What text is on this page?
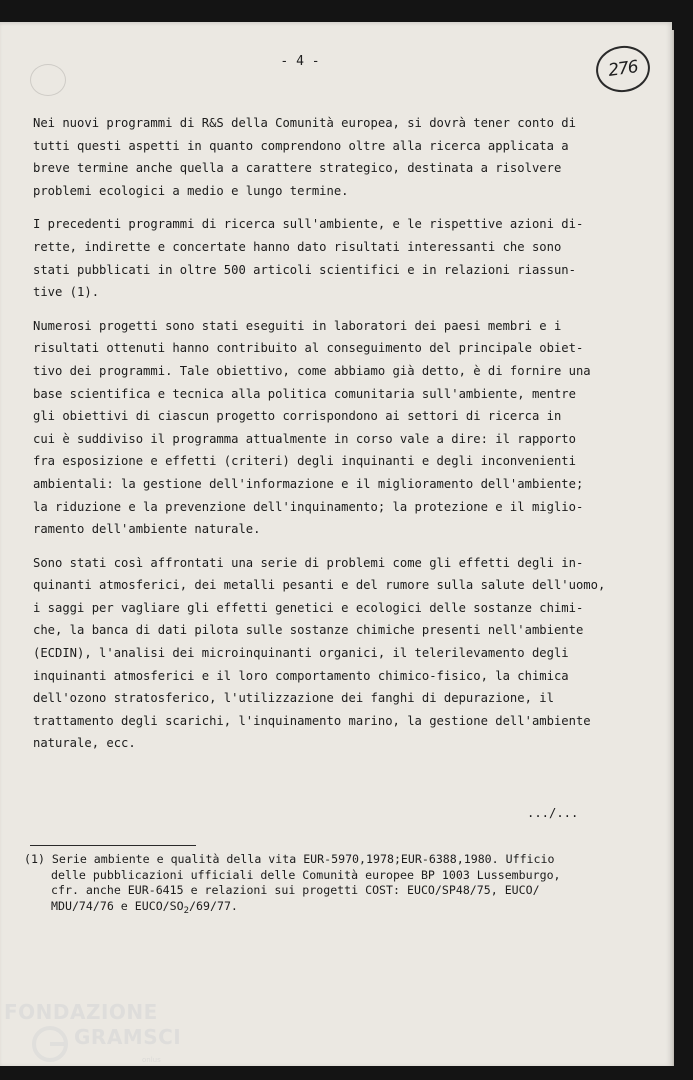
- 4 -	276
Nei nuovi programmi di R&S della Comunità europea, si dovrà tener conto di
tutti questi aspetti in quanto comprendono oltre alla ricerca applicata a
breve termine anche quella a carattere strategico, destinata a risolvere
problemi ecologici a medio e lungo termine.
I precedenti programmi di ricerca sull'ambiente, e le rispettive azioni di-
rette, indirette e concertate hanno dato risultati interessanti che sono
stati pubblicati in oltre 500 articoli scientifici e in relazioni riassun-
tive (1).
Numerosi progetti sono stati eseguiti in laboratori dei paesi membri e i
risultati ottenuti hanno contribuito al conseguimento del principale obiet-
tivo dei programmi. Tale obiettivo, come abbiamo già detto, è di fornire una
base scientifica e tecnica alla politica comunitaria sull'ambiente, mentre
gli obiettivi di ciascun progetto corrispondono ai settori di ricerca in
cui è suddiviso il programma attualmente in corso vale a dire: il rapporto
fra esposizione e effetti (criteri) degli inquinanti e degli inconvenienti
ambientali: la gestione dell'informazione e il miglioramento dell'ambiente;
la riduzione e la prevenzione dell'inquinamento; la protezione e il miglio-
ramento dell'ambiente naturale.
Sono stati così affrontati una serie di problemi come gli effetti degli in-
quinanti atmosferici, dei metalli pesanti e del rumore sulla salute dell'uomo,
i saggi per vagliare gli effetti genetici e ecologici delle sostanze chimi-
che, la banca di dati pilota sulle sostanze chimiche presenti nell'ambiente
(ECDIN), l'analisi dei microinquinanti organici, il telerilevamento degli
inquinanti atmosferici e il loro comportamento chimico-fisico, la chimica
dell'ozono stratosferico, l'utilizzazione dei fanghi di depurazione, il
trattamento degli scarichi, l'inquinamento marino, la gestione dell'ambiente
naturale, ecc.
.../...
(1) Serie ambiente e qualità della vita EUR-5970,1978;EUR-6388,1980. Ufficio
delle pubblicazioni ufficiali delle Comunità europee BP 1003 Lussemburgo,
cfr. anche EUR-6415 e relazioni sui progetti COST: EUCO/SP48/75, EUCO/
MDU/74/76 e EUCO/$SO_2/69/77$.
FONDAZIONE
GRAMSCI
onlus
